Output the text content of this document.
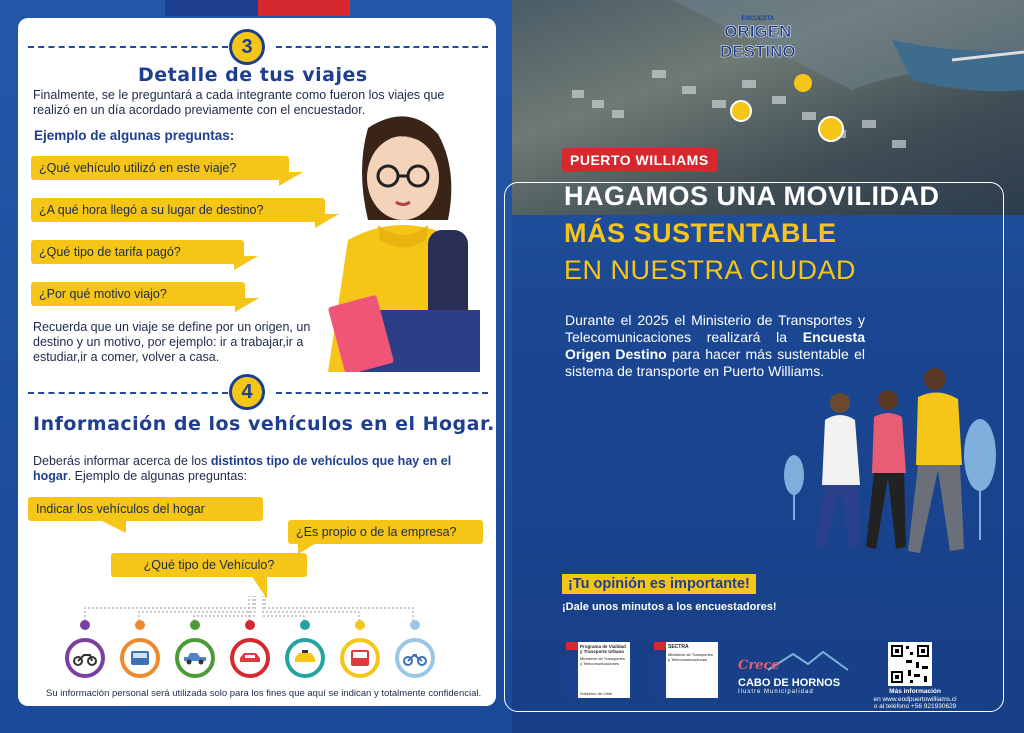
3
Detalle de tus viajes
Finalmente, se le preguntará a cada integrante como fueron los viajes que realizó en un día acordado previamente con el encuestador.
Ejemplo de algunas preguntas:
¿Qué vehículo utilizó en este viaje?
¿A qué hora llegó a su lugar de destino?
¿Qué tipo de tarifa pagó?
¿Por qué motivo viajo?
Recuerda que un viaje se define por un origen, un destino y un motivo, por ejemplo: ir a trabajar,ir a estudiar,ir a comer, volver a casa.
4
Información de los vehículos en el Hogar.
Deberás informar acerca de los distintos tipo de vehículos que hay en el hogar. Ejemplo de algunas preguntas:
Indicar los vehículos del hogar
¿Es propio o de la empresa?
¿Qué tipo de Vehículo?
Su información personal será utilizada solo para los fines que aquí se indican y totalmente confidencial.
ENCUESTA
ORIGEN
DESTINO
PUERTO WILLIAMS
HAGAMOS UNA MOVILIDAD
MÁS SUSTENTABLE
EN NUESTRA CIUDAD
Durante el 2025 el Ministerio de Transportes y Telecomunicaciones realizará la Encuesta Origen Destino para hacer más sustentable el sistema de transporte en Puerto Williams.
¡Tu opinión es importante!
¡Dale unos minutos a los encuestadores!
Programa de Vialidad y Transporte Urbano
Ministerio de Transportes y Telecomunicaciones
Gobierno de Chile
SECTRA
Ministerio de Transportes y Telecomunicaciones	Crece
CABO DE HORNOS
Ilustre Municipalidad	Más información
en www.eodpuertowilliams.cl
o al teléfono +56 921930629
